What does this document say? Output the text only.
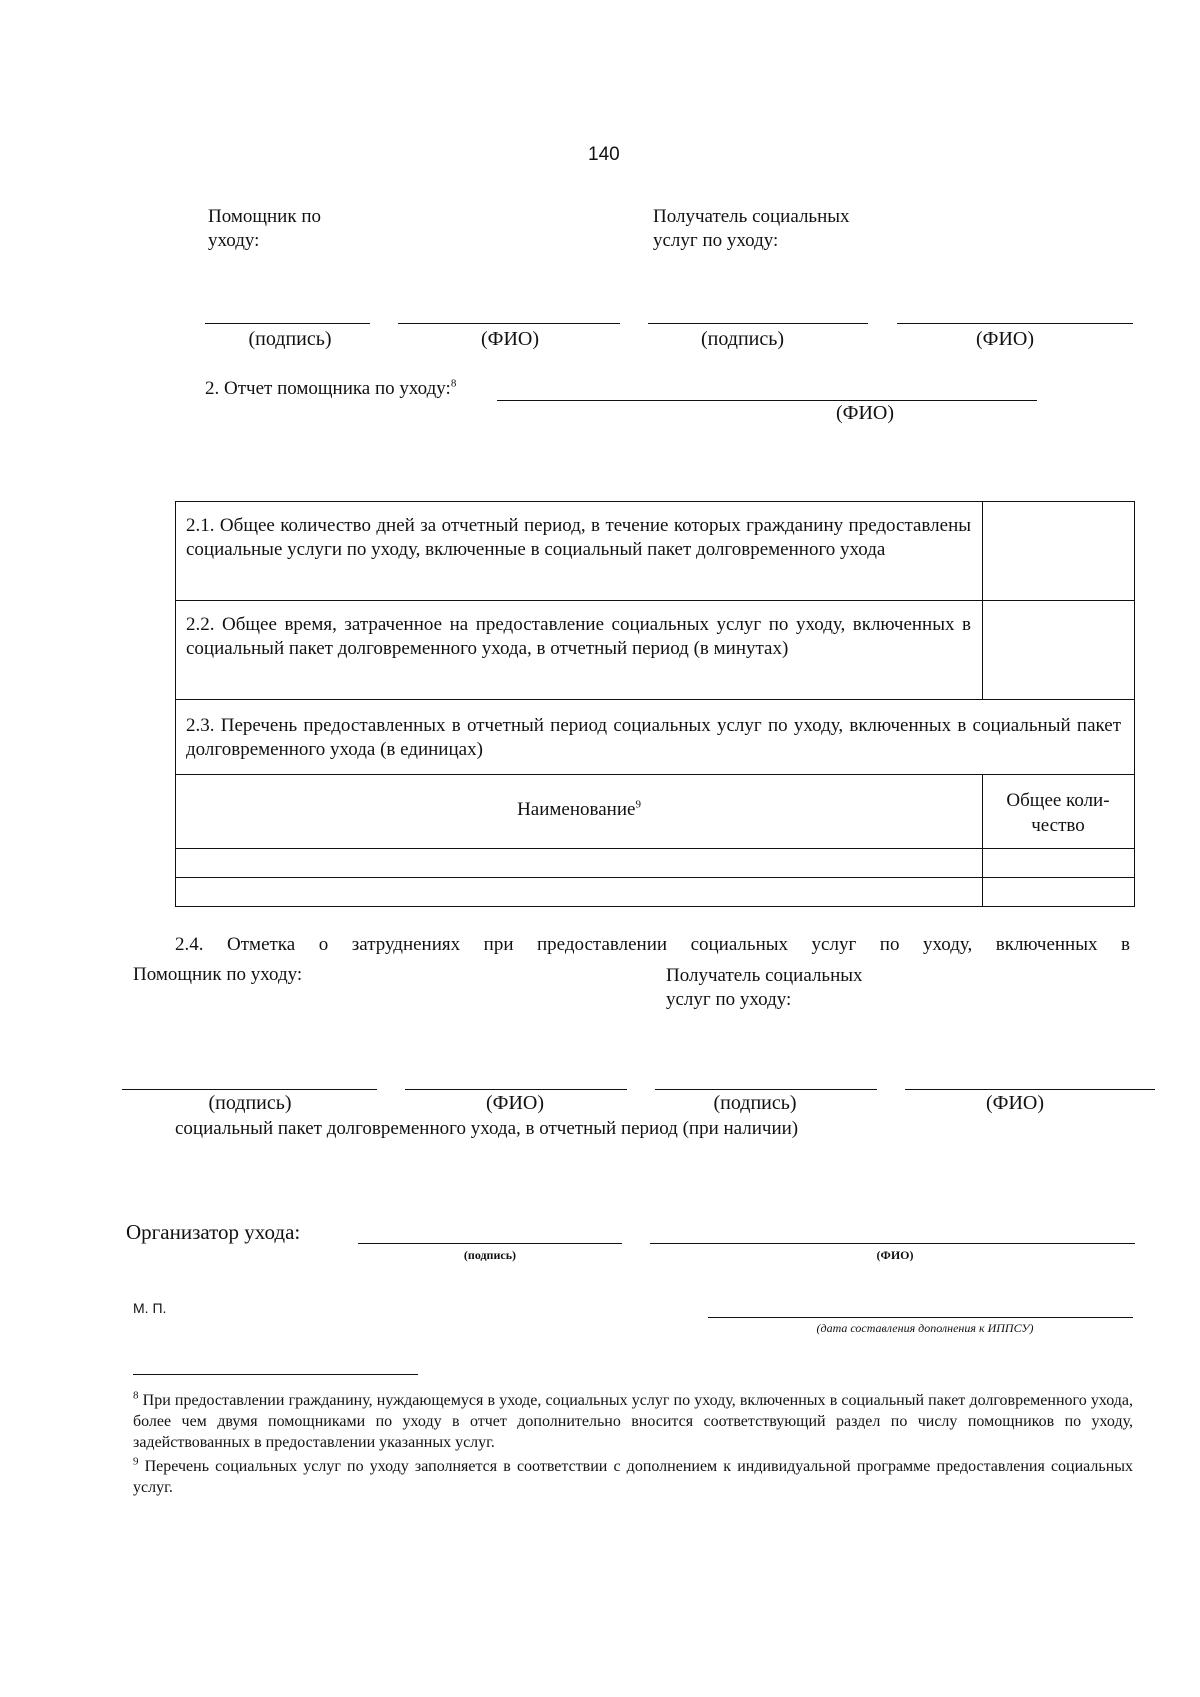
140
Помощник по уходу:
Получатель социальных услуг по уходу:
(подпись)	(ФИО)	(подпись)	(ФИО)
2. Отчет помощника по уходу:$^8$
(ФИО)
2.1. Общее количество дней за отчетный период, в течение которых гражданину предоставлены социальные услуги по уходу, включенные в социальный пакет долговременного ухода
2.2. Общее время, затраченное на предоставление социальных услуг по уходу, включенных в социальный пакет долговременного ухода, в отчетный период (в минутах)
2.3. Перечень предоставленных в отчетный период социальных услуг по уходу, включенных в социальный пакет долговременного ухода (в единицах)
Наименование$^9$	Общее коли-
чество
2.4. Отметка о затруднениях при предоставлении социальных услуг по уходу, включенных в
Помощник по уходу:	Получатель социальных услуг по уходу:
(подпись)	(ФИО)	(подпись)	(ФИО)
социальный пакет долговременного ухода, в отчетный период (при наличии)
Организатор ухода:
(подпись)	(ФИО)
М. П.
(дата составления дополнения к ИППСУ)
$^8$ При предоставлении гражданину, нуждающемуся в уходе, социальных услуг по уходу, включенных в социальный пакет долговременного ухода, более чем двумя помощниками по уходу в отчет дополнительно вносится соответствующий раздел по числу помощников по уходу, задействованных в предоставлении указанных услуг.
$^9$ Перечень социальных услуг по уходу заполняется в соответствии с дополнением к индивидуальной программе предоставления социальных услуг.
